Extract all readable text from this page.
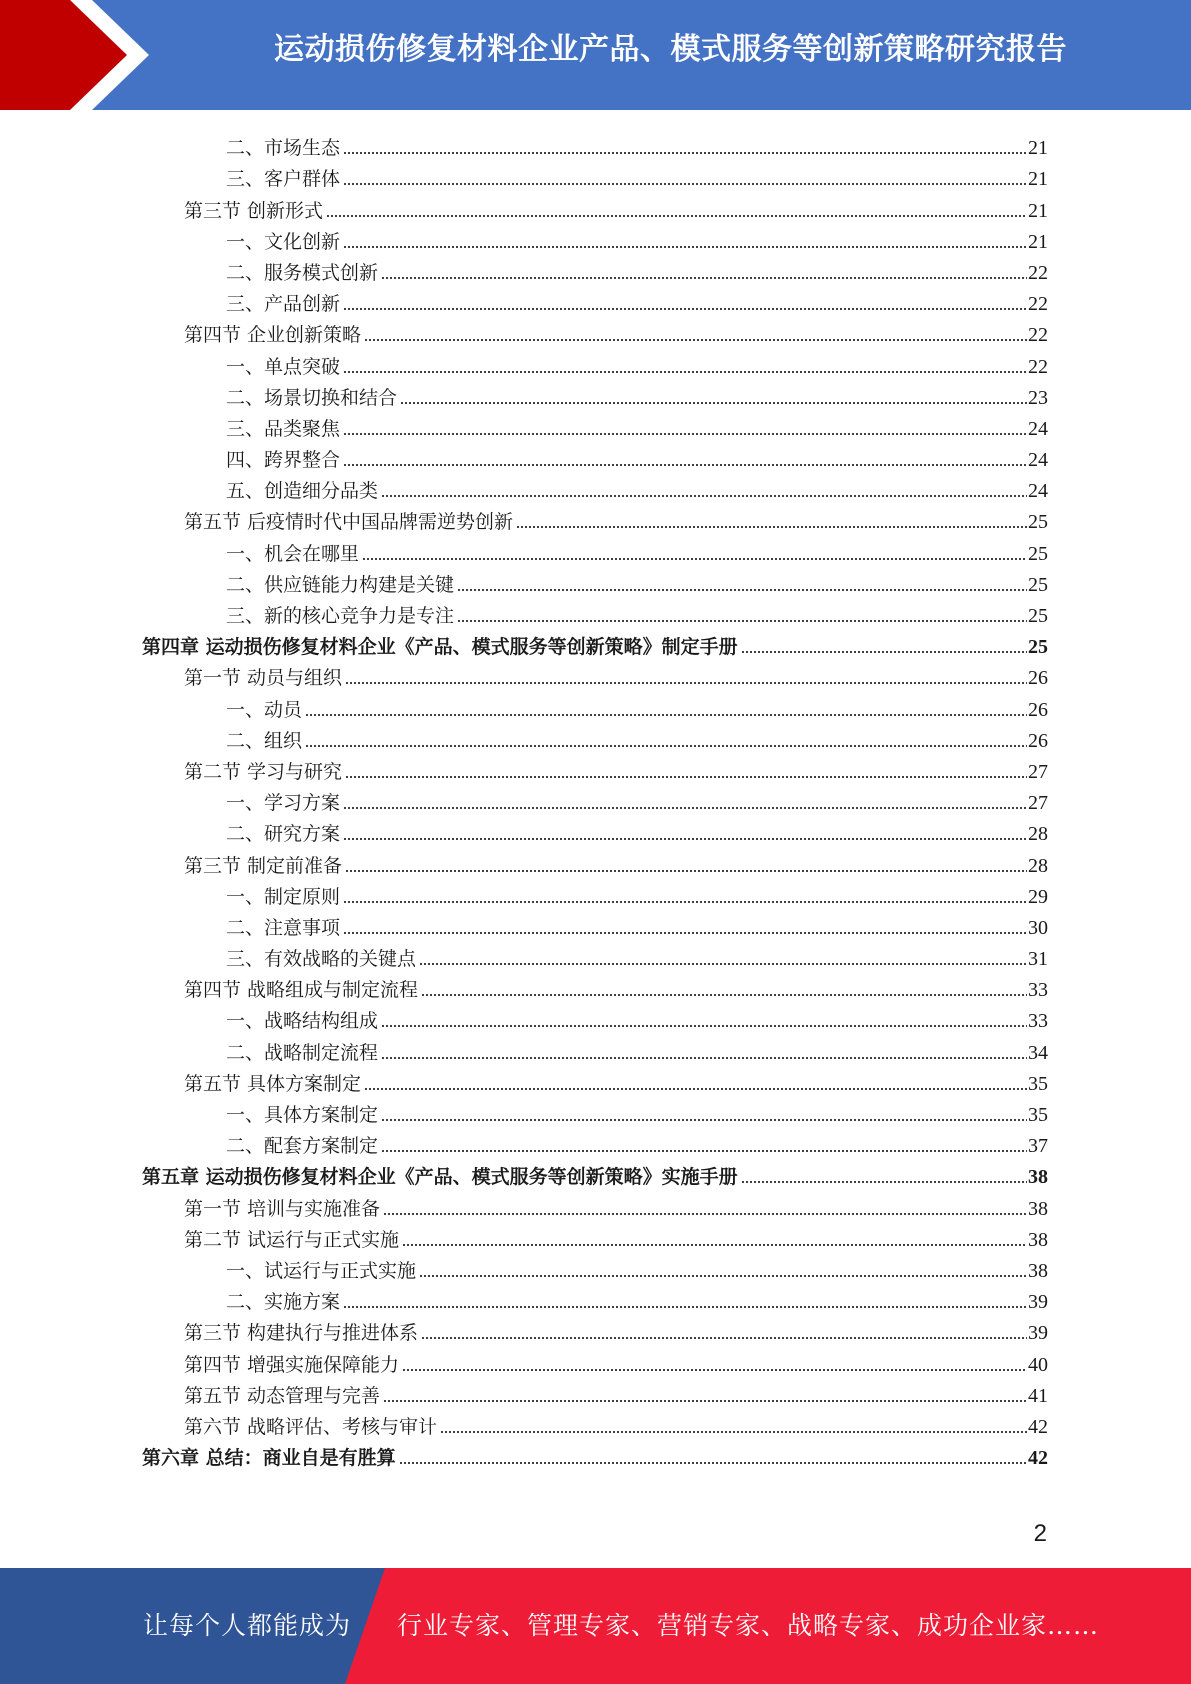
运动损伤修复材料企业产品、模式服务等创新策略研究报告
二、市场生态	21
三、客户群体	21
第三节 创新形式	21
一、文化创新	21
二、服务模式创新	22
三、产品创新	22
第四节 企业创新策略	22
一、单点突破	22
二、场景切换和结合	23
三、品类聚焦	24
四、跨界整合	24
五、创造细分品类	24
第五节 后疫情时代中国品牌需逆势创新	25
一、机会在哪里	25
二、供应链能力构建是关键	25
三、新的核心竞争力是专注	25
第四章 运动损伤修复材料企业《产品、模式服务等创新策略》制定手册	25
第一节 动员与组织	26
一、动员	26
二、组织	26
第二节 学习与研究	27
一、学习方案	27
二、研究方案	28
第三节 制定前准备	28
一、制定原则	29
二、注意事项	30
三、有效战略的关键点	31
第四节 战略组成与制定流程	33
一、战略结构组成	33
二、战略制定流程	34
第五节 具体方案制定	35
一、具体方案制定	35
二、配套方案制定	37
第五章 运动损伤修复材料企业《产品、模式服务等创新策略》实施手册	38
第一节 培训与实施准备	38
第二节 试运行与正式实施	38
一、试运行与正式实施	38
二、实施方案	39
第三节 构建执行与推进体系	39
第四节 增强实施保障能力	40
第五节 动态管理与完善	41
第六节 战略评估、考核与审计	42
第六章 总结：商业自是有胜算	42
2
让每个人都能成为 行业专家、管理专家、营销专家、战略专家、成功企业家……
